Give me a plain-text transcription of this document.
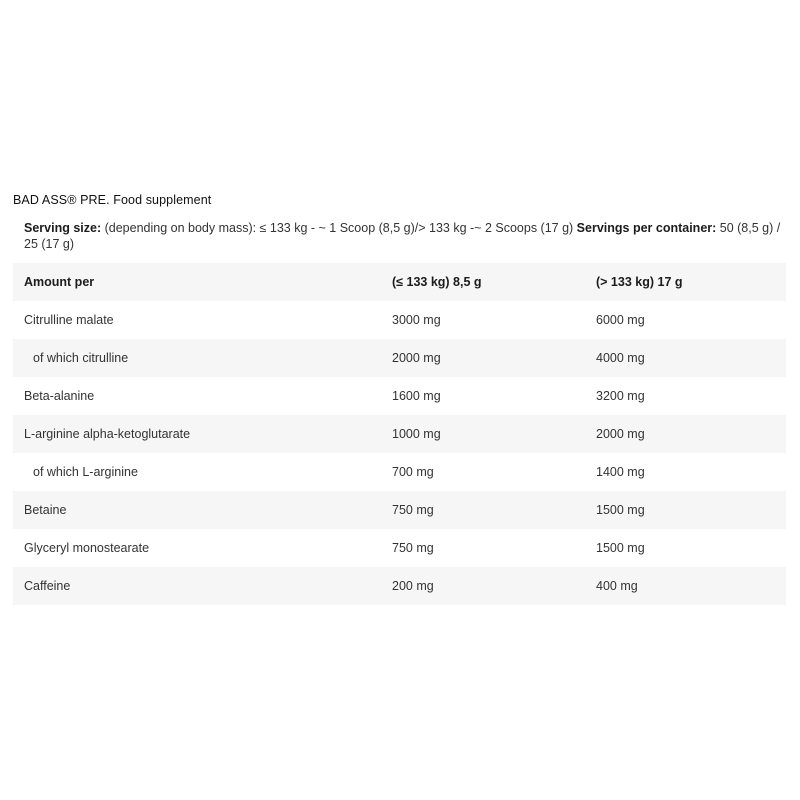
BAD ASS® PRE. Food supplement
Serving size: (depending on body mass): ≤ 133 kg - ~ 1 Scoop (8,5 g)/> 133 kg -~ 2 Scoops (17 g) Servings per container: 50 (8,5 g) / 25 (17 g)
Amount per	(≤ 133 kg) 8,5 g	(> 133 kg) 17 g
Citrulline malate	3000 mg	6000 mg
of which citrulline	2000 mg	4000 mg
Beta-alanine	1600 mg	3200 mg
L-arginine alpha-ketoglutarate	1000 mg	2000 mg
of which L-arginine	700 mg	1400 mg
Betaine	750 mg	1500 mg
Glyceryl monostearate	750 mg	1500 mg
Caffeine	200 mg	400 mg
